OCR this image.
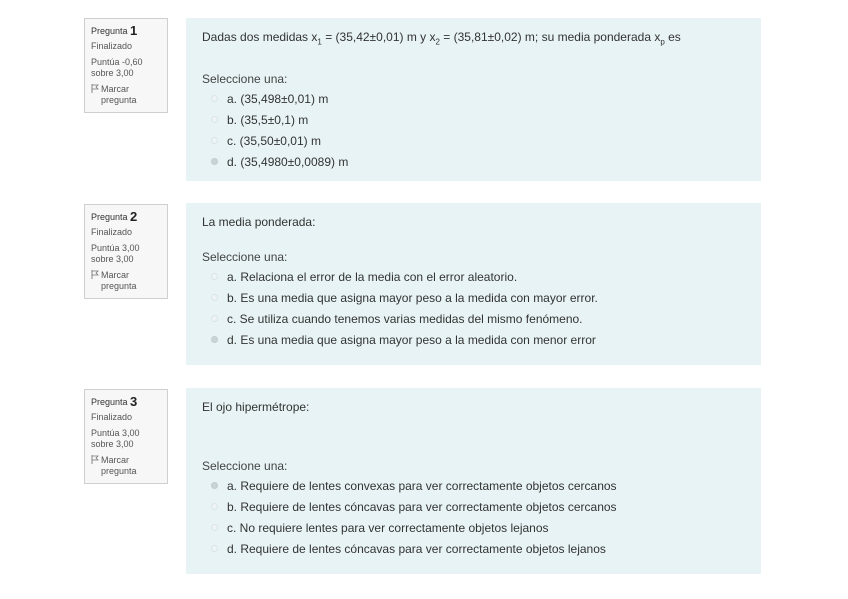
Pregunta 1
Finalizado
Puntúa -0,60
sobre 3,00
Marcar
pregunta
Dadas dos medidas $x_1 = (35,42\pm 0,01)$ m y $x_2 = (35,81\pm 0,02)$ m; su media ponderada $x_p$ es
Seleccione una:
a. (35,498±0,01) m
b. (35,5±0,1) m
c. (35,50±0,01) m
d. (35,4980±0,0089) m
Pregunta 2
Finalizado
Puntúa 3,00
sobre 3,00
Marcar
pregunta
La media ponderada:
Seleccione una:
a. Relaciona el error de la media con el error aleatorio.
b. Es una media que asigna mayor peso a la medida con mayor error.
c. Se utiliza cuando tenemos varias medidas del mismo fenómeno.
d. Es una media que asigna mayor peso a la medida con menor error
Pregunta 3
Finalizado
Puntúa 3,00
sobre 3,00
Marcar
pregunta
El ojo hipermétrope:
Seleccione una:
a. Requiere de lentes convexas para ver correctamente objetos cercanos
b. Requiere de lentes cóncavas para ver correctamente objetos cercanos
c. No requiere lentes para ver correctamente objetos lejanos
d. Requiere de lentes cóncavas para ver correctamente objetos lejanos
